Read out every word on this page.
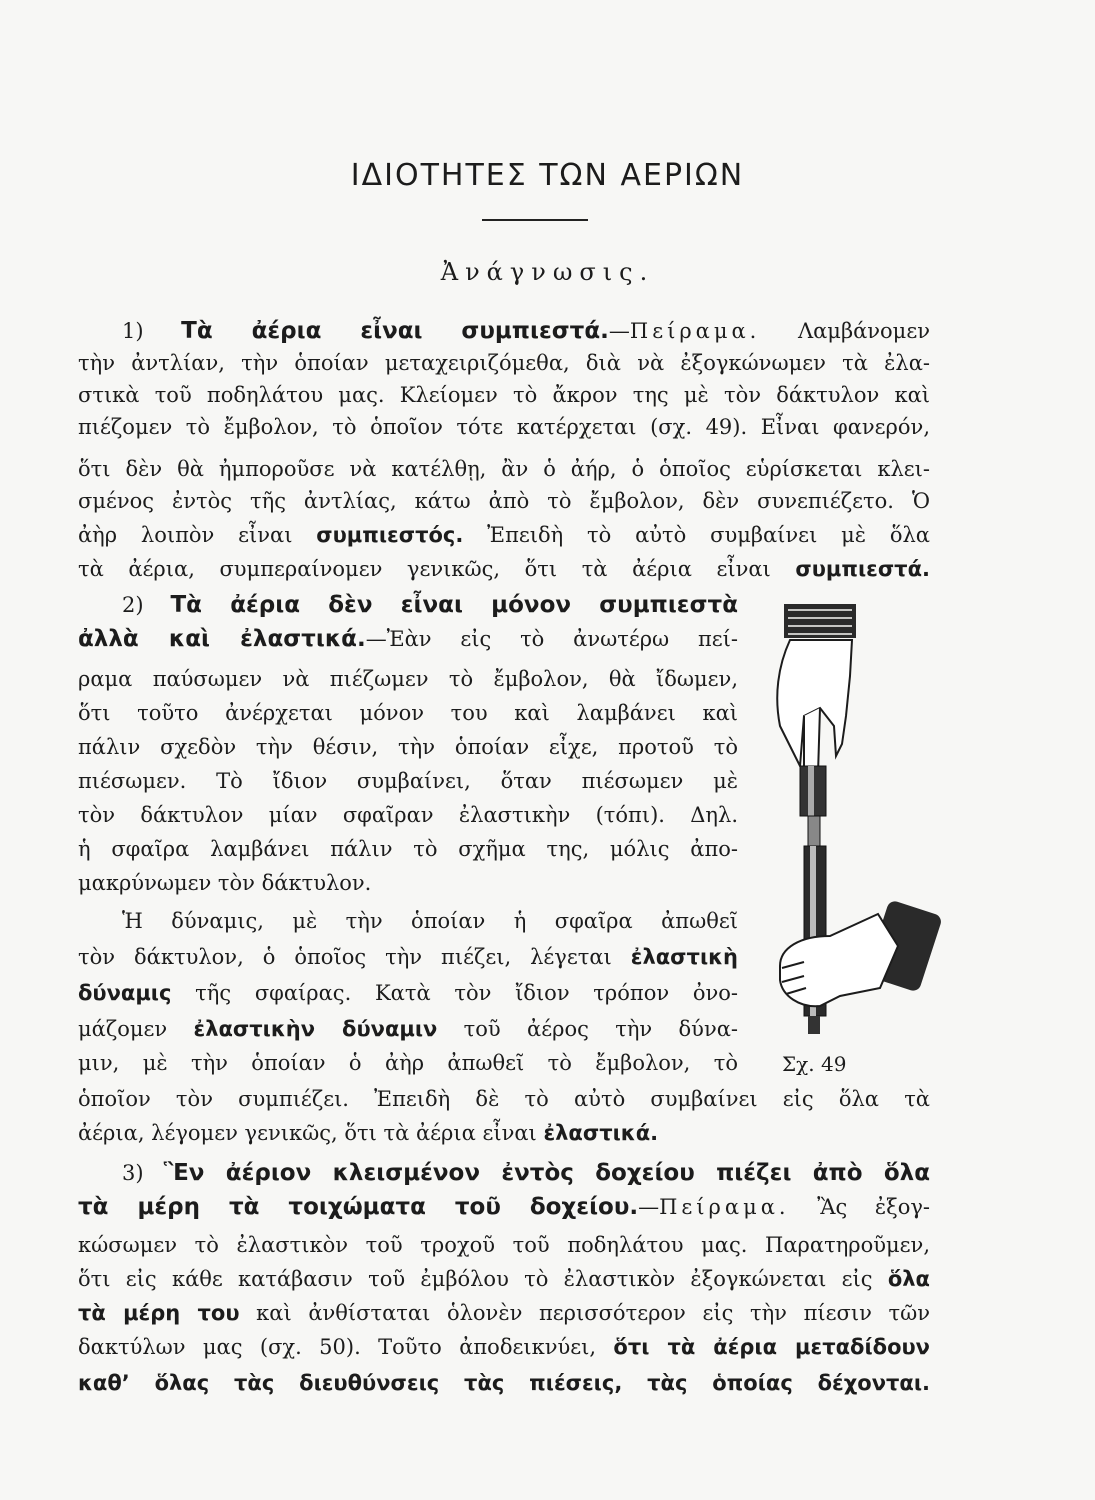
ΙΔΙΟΤΗΤΕΣ ΤΩΝ ΑΕΡΙΩΝ
Ἀνάγνωσις.
1) Τὰ ἀέρια εἶναι συμπιεστά.—Πείραμα. Λαμβάνομεν
τὴν ἀντλίαν, τὴν ὁποίαν μεταχειριζόμεθα, διὰ νὰ ἐξογκώνωμεν τὰ ἐλα-
στικὰ τοῦ ποδηλάτου μας. Κλείομεν τὸ ἄκρον της μὲ τὸν δάκτυλον καὶ
πιέζομεν τὸ ἔμβολον, τὸ ὁποῖον τότε κατέρχεται (σχ. 49). Εἶναι φανερόν,
ὅτι δὲν θὰ ἠμποροῦσε νὰ κατέλθῃ, ἂν ὁ ἀήρ, ὁ ὁποῖος εὑρίσκεται κλει-
σμένος ἐντὸς τῆς ἀντλίας, κάτω ἀπὸ τὸ ἔμβολον, δὲν συνεπιέζετο. Ὁ
ἀὴρ λοιπὸν εἶναι συμπιεστός. Ἐπειδὴ τὸ αὐτὸ συμβαίνει μὲ ὅλα
τὰ ἀέρια, συμπεραίνομεν γενικῶς, ὅτι τὰ ἀέρια εἶναι συμπιεστά.
2) Τὰ ἀέρια δὲν εἶναι μόνον συμπιεστὰ
ἀλλὰ καὶ ἐλαστικά.—Ἐὰν εἰς τὸ ἀνωτέρω πεί-
ραμα παύσωμεν νὰ πιέζωμεν τὸ ἔμβολον, θὰ ἴδωμεν,
ὅτι τοῦτο ἀνέρχεται μόνον του καὶ λαμβάνει καὶ
πάλιν σχεδὸν τὴν θέσιν, τὴν ὁποίαν εἶχε, προτοῦ τὸ
πιέσωμεν. Τὸ ἴδιον συμβαίνει, ὅταν πιέσωμεν μὲ
τὸν δάκτυλον μίαν σφαῖραν ἐλαστικὴν (τόπι). Δηλ.
ἡ σφαῖρα λαμβάνει πάλιν τὸ σχῆμα της, μόλις ἀπο-
μακρύνωμεν τὸν δάκτυλον.
Ἡ δύναμις, μὲ τὴν ὁποίαν ἡ σφαῖρα ἀπωθεῖ
τὸν δάκτυλον, ὁ ὁποῖος τὴν πιέζει, λέγεται ἐλαστικὴ
δύναμις τῆς σφαίρας. Κατὰ τὸν ἴδιον τρόπον ὀνο-
μάζομεν ἐλαστικὴν δύναμιν τοῦ ἀέρος τὴν δύνα-
μιν, μὲ τὴν ὁποίαν ὁ ἀὴρ ἀπωθεῖ τὸ ἔμβολον, τὸ
ὁποῖον τὸν συμπιέζει. Ἐπειδὴ δὲ τὸ αὐτὸ συμβαίνει εἰς ὅλα τὰ
ἀέρια, λέγομεν γενικῶς, ὅτι τὰ ἀέρια εἶναι ἐλαστικά.
3) Ἓν ἀέριον κλεισμένον ἐντὸς δοχείου πιέζει ἀπὸ ὅλα
τὰ μέρη τὰ τοιχώματα τοῦ δοχείου.—Πείραμα. Ἂς ἐξογ-
κώσωμεν τὸ ἐλαστικὸν τοῦ τροχοῦ τοῦ ποδηλάτου μας. Παρατηροῦμεν,
ὅτι εἰς κάθε κατάβασιν τοῦ ἐμβόλου τὸ ἐλαστικὸν ἐξογκώνεται εἰς ὅλα
τὰ μέρη του καὶ ἀνθίσταται ὁλονὲν περισσότερον εἰς τὴν πίεσιν τῶν
δακτύλων μας (σχ. 50). Τοῦτο ἀποδεικνύει, ὅτι τὰ ἀέρια μεταδίδουν
καθ’ ὅλας τὰς διευθύνσεις τὰς πιέσεις, τὰς ὁποίας δέχονται.
Σχ. 49
